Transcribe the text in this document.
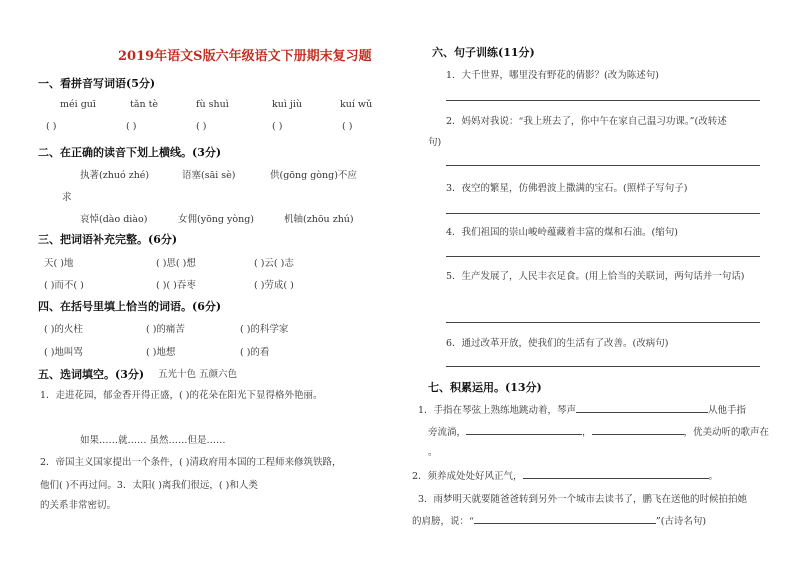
2019年语文S版六年级语文下册期末复习题
一、看拼音写词语(5分)
méi guī	tǎn tè	fù shuì	kuì jiù	kuí wǔ
( )	( )	( )	( )	( )
二、在正确的读音下划上横线。(3分)
执著(zhuó zhé)	语塞(sāi sè)	供(gōng gòng)不应
求
哀悼(dào diào)	女佣(yōng yòng)	机轴(zhōu zhú)
三、把词语补充完整。(6分)
天( )地	( )思( )想	( )云( )志
( )而不( )	( )( )吞枣	( )劳成( )
四、在括号里填上恰当的词语。(6分)
( )的火柱	( )的痛苦	( )的科学家
( )地叫骂	( )地想	( )的看
五、选词填空。(3分) 五光十色 五颜六色
1．走进花园，郁金香开得正盛，( )的花朵在阳光下显得格外艳丽。
如果……就…… 虽然……但是……
2．帝国主义国家提出一个条件，( )清政府用本国的工程师来修筑铁路，
他们( )不再过问。3．太阳( )离我们很远，( )和人类
的关系非常密切。
六、句子训练(11分)
1．大千世界，哪里没有野花的倩影？(改为陈述句)
2．妈妈对我说：“我上班去了，你中午在家自己温习功课。”(改转述
句)
3．夜空的繁星，仿佛碧波上撒满的宝石。(照样子写句子)
4．我们祖国的崇山峻岭蕴藏着丰富的煤和石油。(缩句)
5．生产发展了，人民丰衣足食。(用上恰当的关联词，两句话并一句话)
6．通过改革开放，使我们的生活有了改善。(改病句)
七、积累运用。(13分)
1．手指在琴弦上熟练地跳动着，琴声	从他手指
旁流淌，	，	，优美动听的歌声在
。
2．须养成处处好风正气，	。
3．雨梦明天就要随爸爸转到另外一个城市去读书了，鹏飞在送他的时候拍拍她
的肩膀，说：“	”(古诗名句)
